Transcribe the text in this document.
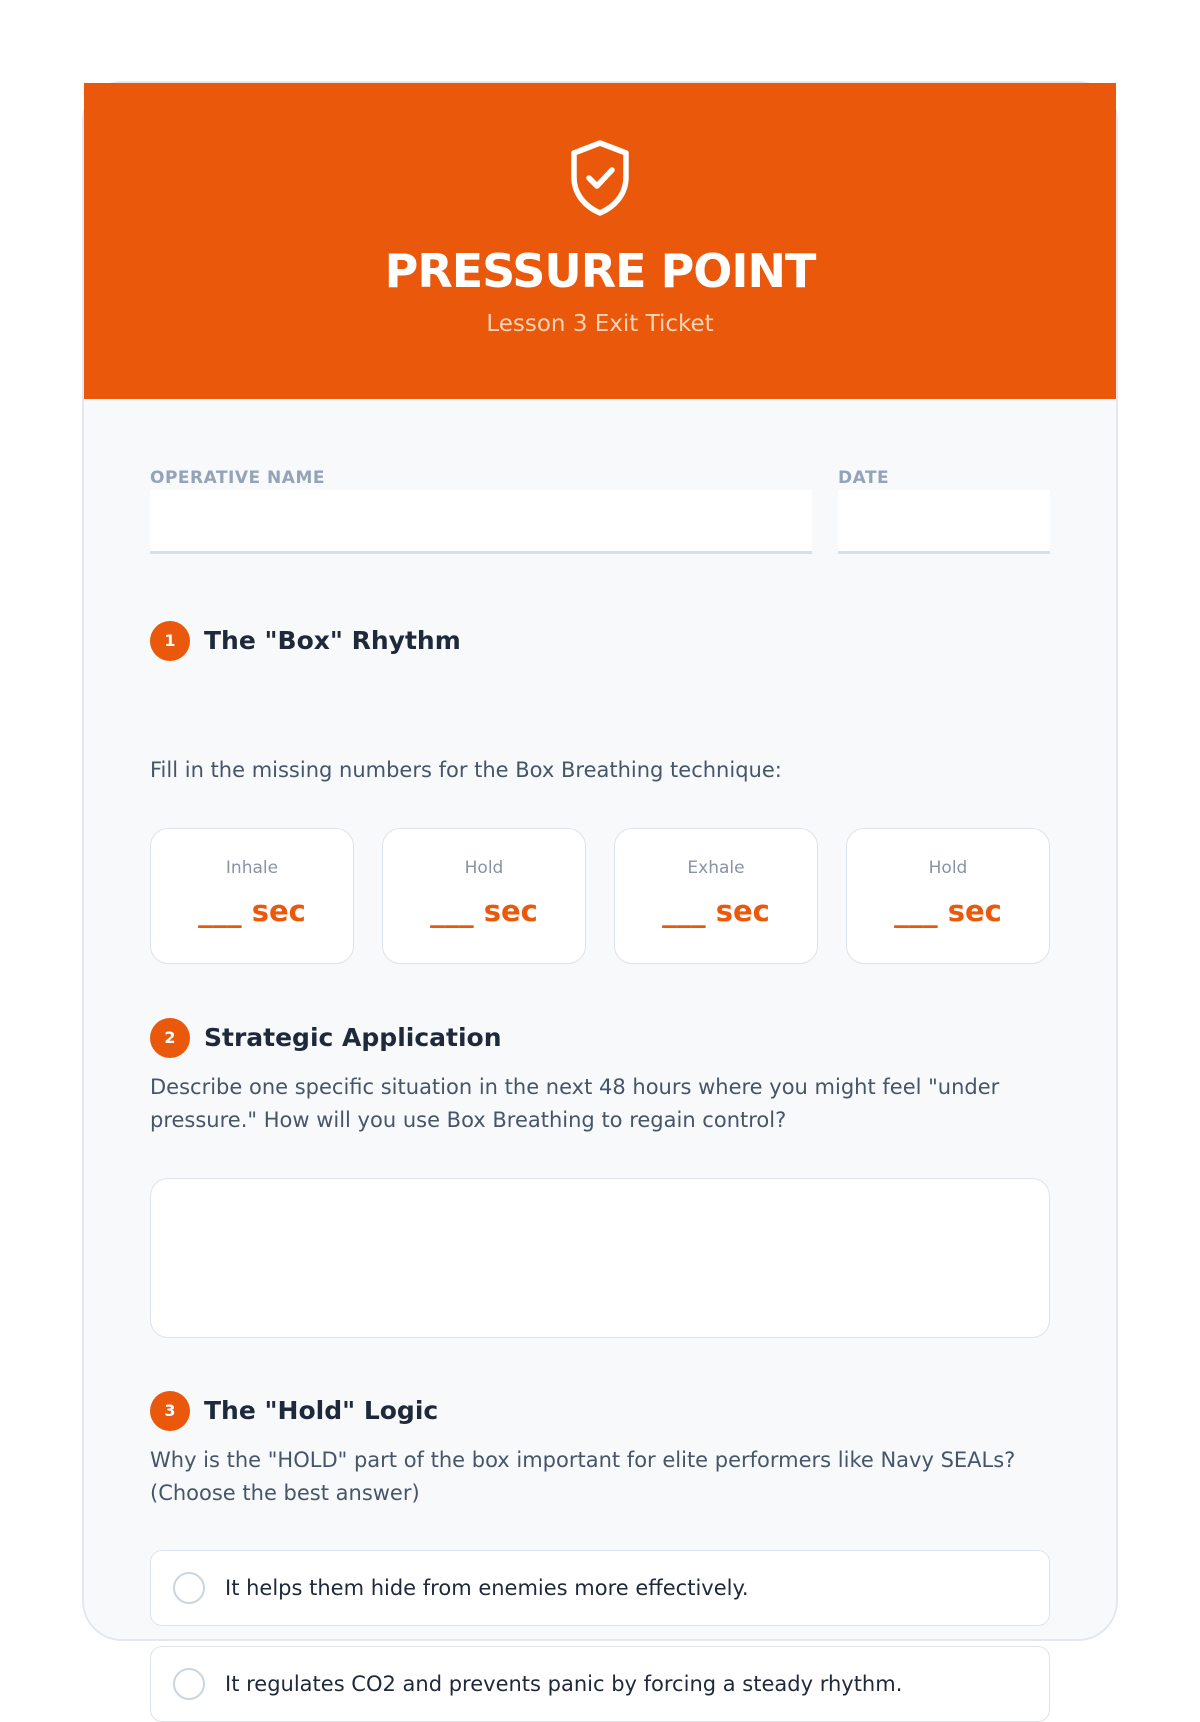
PRESSURE POINT
Lesson 3 Exit Ticket
OPERATIVE NAME	DATE
1	The "Box" Rhythm
Fill in the missing numbers for the Box Breathing technique:
Inhale
___ sec
Hold
___ sec
Exhale
___ sec
Hold
___ sec
2	Strategic Application
Describe one specific situation in the next 48 hours where you might feel "under pressure." How will you use Box Breathing to regain control?
3	The "Hold" Logic
Why is the "HOLD" part of the box important for elite performers like Navy SEALs? (Choose the best answer)
It helps them hide from enemies more effectively.
It regulates CO2 and prevents panic by forcing a steady rhythm.
